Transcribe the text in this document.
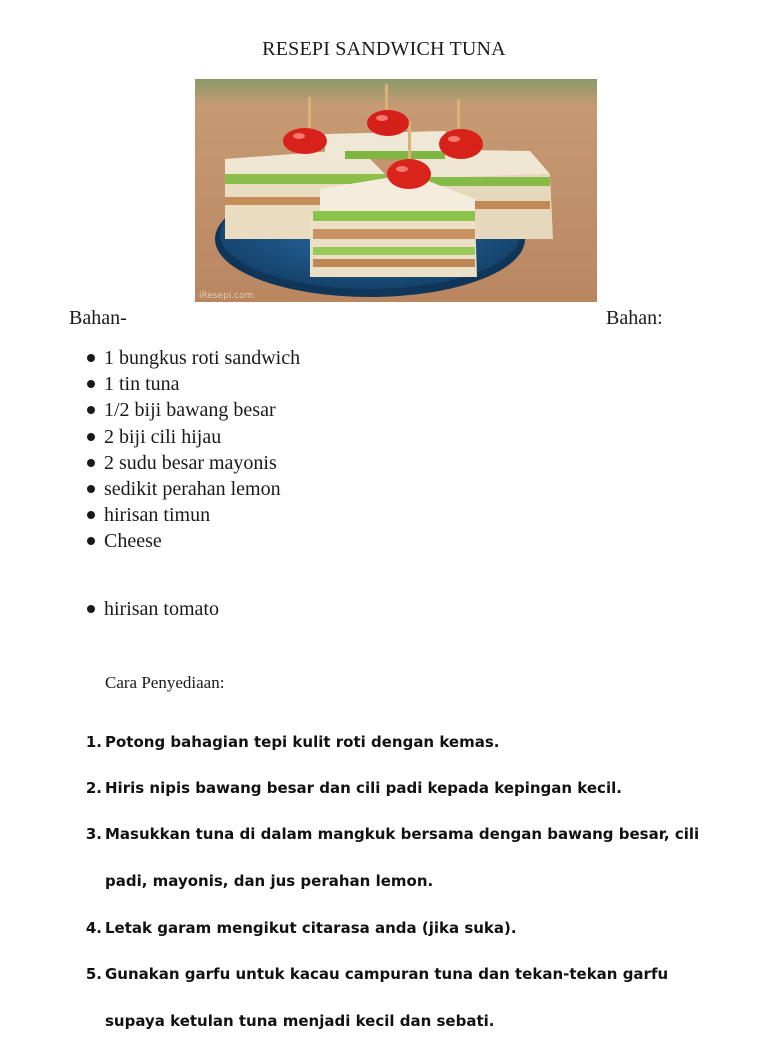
RESEPI SANDWICH TUNA
iResepi.com
Bahan-	Bahan:
1 bungkus roti sandwich
1 tin tuna
1/2 biji bawang besar
2 biji cili hijau
2 sudu besar mayonis
sedikit perahan lemon
hirisan timun
Cheese
hirisan tomato
Cara Penyediaan:
1. Potong bahagian tepi kulit roti dengan kemas.
2. Hiris nipis bawang besar dan cili padi kepada kepingan kecil.
3. Masukkan tuna di dalam mangkuk bersama dengan bawang besar, cili padi, mayonis, dan jus perahan lemon.
4. Letak garam mengikut citarasa anda (jika suka).
5. Gunakan garfu untuk kacau campuran tuna dan tekan-tekan garfu supaya ketulan tuna menjadi kecil dan sebati.
